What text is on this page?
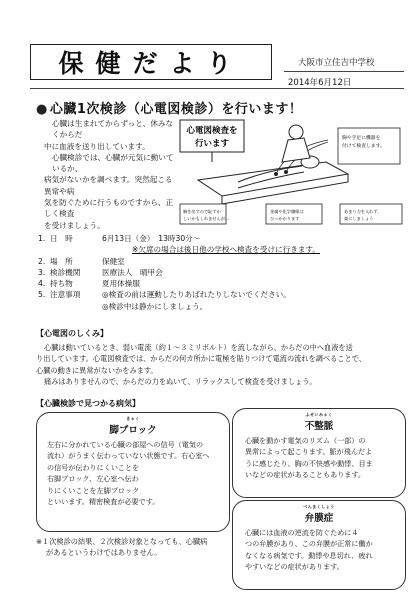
保健だより	大阪市立住吉中学校
2014年6月12日
● 心臓1次検診（心電図検診）を行います！
心臓は生まれてからずっと、休みなくからだ
中に血液を送り出しています。
心臓検診では、心臓が元気に動いているか、
病気がないかを調べます。突然起こる異常や病
気を防ぐために行うものですから、正しく検査
を受けましょう。
心電図検査を
行います
胸や手足に機器を
付けて検査します。
胸を出すので恥ずか
しいかもしれませんが…
金属や化学繊維は
ひっかかります
あまり力を入れず、
楽にしましょう
1. 日　時	6月13日（金）　13時30分～
※欠席の場合は後日他の学校へ検査を受けに行きます。
2. 場　所	保健室
3. 検診機関	医療法人　晴甲会
4. 持ち物	夏用体操服
5. 注意事項	◎検査の前は運動したりあばれたりしないでください。
◎検診中は静かにしましょう。
【心電図のしくみ】
心臓は動いているとき、弱い電流（約１～３ミリボルト）を流しながら、からだの中へ血液を送
り出しています。心電図検査では、からだの何カ所かに電極を貼りつけて電流の流れを調べることで、
心臓の動きに異常がないかをみます。
痛みはありませんので、からだの力をぬいて、リラックスして検査を受けましょう。
【心臓検診で見つかる病気】
きゃく
脚ブロック
左右に分かれている心臓の部屋への信号（電気の
流れ）がうまく伝わっていない状態です。右心室へ
の信号が伝わりにくいことを
右脚ブロック、左心室へ伝わ
りにくいことを左脚ブロック
といいます。精密検査が必要です。
ふせいみゃく
不整脈
心臓を動かす電気のリズム（一部）の
異常によって起こります。脈が飛んだよ
うに感じたり、胸の不快感や動悸、目ま
いなどの症状があることもあります。
べんまくしょう
弁膜症
心臓には血液の逆流を防ぐために４
つの弁膜があり、この弁膜が正常に働か
なくなる病気です。動悸や息切れ、疲れ
やすいなどの症状があります。
※１次検診の結果、２次検診対象となっても、心臓病
があるというわけではありません。
